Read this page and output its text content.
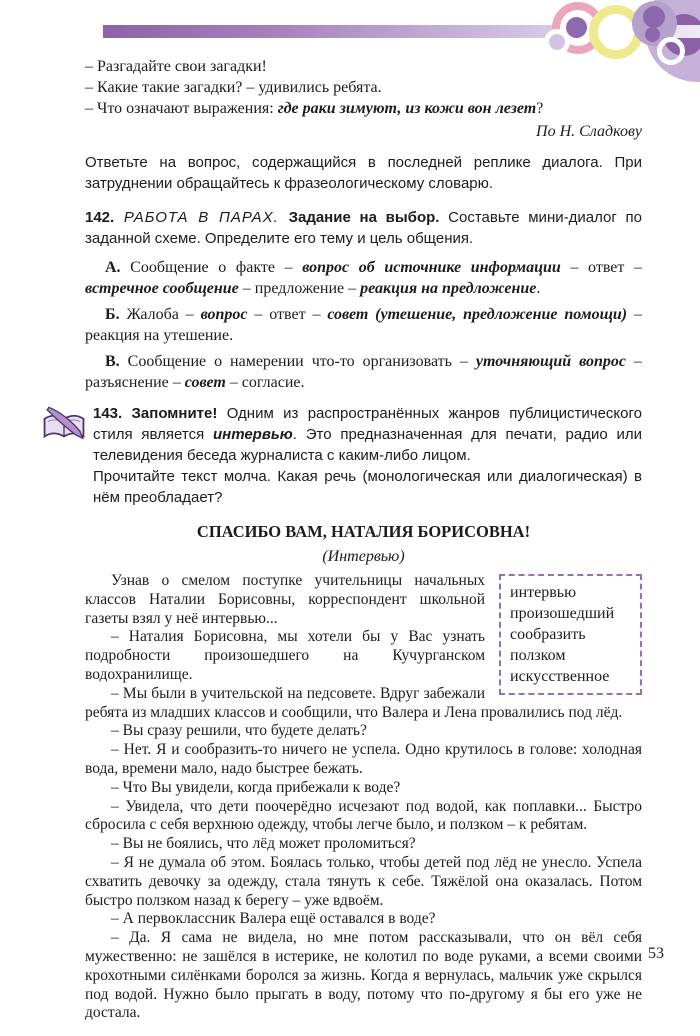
– Разгадайте свои загадки!

– Какие такие загадки? – удивились ребята.

– Что означают выражения: где раки зимуют, из кожи вон лезет?

По Н. Сладкову

Ответьте на вопрос, содержащийся в последней реплике диалога. При затруднении обращайтесь к фразеологическому словарю.

142. РАБОТА В ПАРАХ. Задание на выбор. Составьте мини-диалог по заданной схеме. Определите его тему и цель общения.

А. Сообщение о факте – вопрос об источнике информации – ответ – встречное сообщение – предложение – реакция на предложение.

Б. Жалоба – вопрос – ответ – совет (утешение, предложение помощи) – реакция на утешение.

В. Сообщение о намерении что-то организовать – уточняющий вопрос – разъяснение – совет – согласие.

143. Запомните! Одним из распространённых жанров публицистического стиля является интервью. Это предназначенная для печати, радио или телевидения беседа журналиста с каким-либо лицом.

Прочитайте текст молча. Какая речь (монологическая или диалогическая) в нём преобладает?

СПАСИБО ВАМ, НАТАЛИЯ БОРИСОВНА!

(Интервью)

интервью
произошедший
сообразить
ползком
искусственное

Узнав о смелом поступке учительницы начальных классов Наталии Борисовны, корреспондент школьной газеты взял у неё интервью...

– Наталия Борисовна, мы хотели бы у Вас узнать подробности произошедшего на Кучурганском водохранилище.

– Мы были в учительской на педсовете. Вдруг забежали ребята из младших классов и сообщили, что Валера и Лена провалились под лёд.

– Вы сразу решили, что будете делать?

– Нет. Я и сообразить-то ничего не успела. Одно крутилось в голове: холодная вода, времени мало, надо быстрее бежать.

– Что Вы увидели, когда прибежали к воде?

– Увидела, что дети поочерёдно исчезают под водой, как поплавки... Быстро сбросила с себя верхнюю одежду, чтобы легче было, и ползком – к ребятам.

– Вы не боялись, что лёд может проломиться?

– Я не думала об этом. Боялась только, чтобы детей под лёд не унесло. Успела схватить девочку за одежду, стала тянуть к себе. Тяжёлой она оказалась. Потом быстро ползком назад к берегу – уже вдвоём.

– А первоклассник Валера ещё оставался в воде?

– Да. Я сама не видела, но мне потом рассказывали, что он вёл себя мужественно: не зашёлся в истерике, не колотил по воде руками, а всеми своими крохотными силёнками боролся за жизнь. Когда я вернулась, мальчик уже скрылся под водой. Нужно было прыгать в воду, потому что по-другому я бы его уже не достала.

53
